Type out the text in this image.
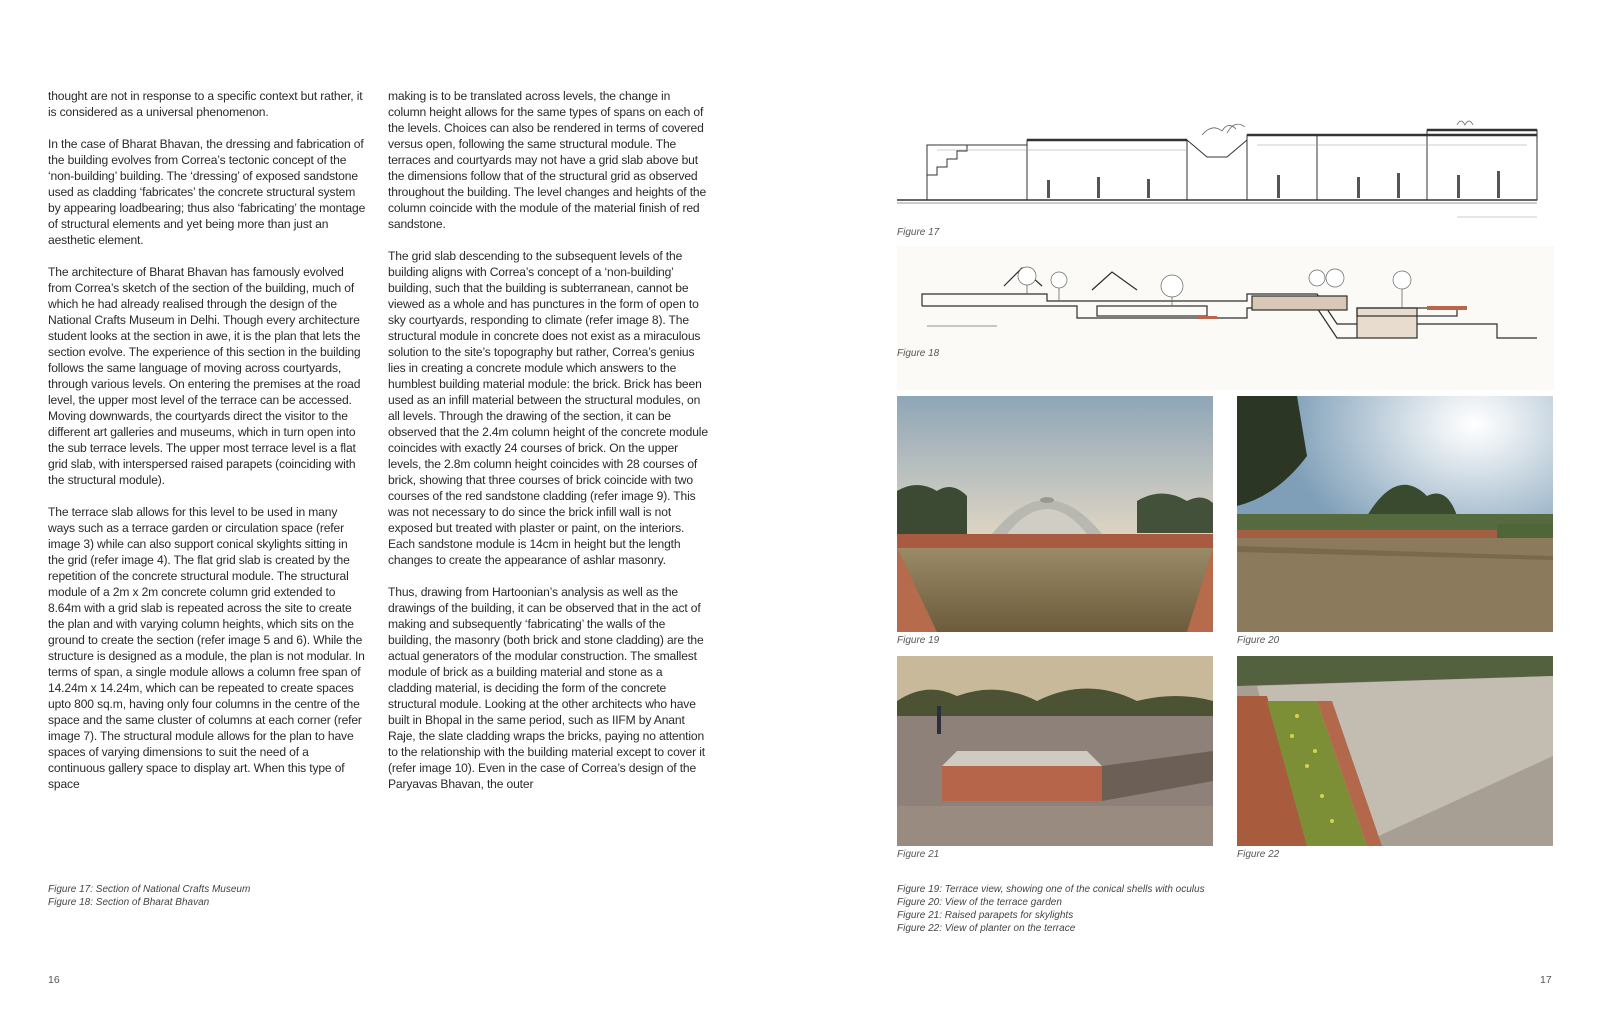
thought are not in response to a specific context but rather, it is considered as a universal phenomenon.

In the case of Bharat Bhavan, the dressing and fabrication of the building evolves from Correa’s tectonic concept of the ‘non-building’ building. The ‘dressing’ of exposed sandstone used as cladding ‘fabricates’ the concrete structural system by appearing loadbearing; thus also ‘fabricating’ the montage of structural elements and yet being more than just an aesthetic element.

The architecture of Bharat Bhavan has famously evolved from Correa’s sketch of the section of the building, much of which he had already realised through the design of the National Crafts Museum in Delhi. Though every architecture student looks at the section in awe, it is the plan that lets the section evolve. The experience of this section in the building follows the same language of moving across courtyards, through various levels. On entering the premises at the road level, the upper most level of the terrace can be accessed. Moving downwards, the courtyards direct the visitor to the different art galleries and museums, which in turn open into the sub terrace levels. The upper most terrace level is a flat grid slab, with interspersed raised parapets (coinciding with the structural module).

The terrace slab allows for this level to be used in many ways such as a terrace garden or circulation space (refer image 3) while can also support conical skylights sitting in the grid (refer image 4). The flat grid slab is created by the repetition of the concrete structural module. The structural module of a 2m x 2m concrete column grid extended to 8.64m with a grid slab is repeated across the site to create the plan and with varying column heights, which sits on the ground to create the section (refer image 5 and 6). While the structure is designed as a module, the plan is not modular. In terms of span, a single module allows a column free span of 14.24m x 14.24m, which can be repeated to create spaces upto 800 sq.m, having only four columns in the centre of the space and the same cluster of columns at each corner (refer image 7). The structural module allows for the plan to have spaces of varying dimensions to suit the need of a continuous gallery space to display art. When this type of space

making is to be translated across levels, the change in column height allows for the same types of spans on each of the levels. Choices can also be rendered in terms of covered versus open, following the same structural module. The terraces and courtyards may not have a grid slab above but the dimensions follow that of the structural grid as observed throughout the building. The level changes and heights of the column coincide with the module of the material finish of red sandstone.

The grid slab descending to the subsequent levels of the building aligns with Correa’s concept of a ‘non-building’ building, such that the building is subterranean, cannot be viewed as a whole and has punctures in the form of open to sky courtyards, responding to climate (refer image 8). The structural module in concrete does not exist as a miraculous solution to the site’s topography but rather, Correa’s genius lies in creating a concrete module which answers to the humblest building material module: the brick. Brick has been used as an infill material between the structural modules, on all levels. Through the drawing of the section, it can be observed that the 2.4m column height of the concrete module coincides with exactly 24 courses of brick. On the upper levels, the 2.8m column height coincides with 28 courses of brick, showing that three courses of brick coincide with two courses of the red sandstone cladding (refer image 9). This was not necessary to do since the brick infill wall is not exposed but treated with plaster or paint, on the interiors. Each sandstone module is 14cm in height but the length changes to create the appearance of ashlar masonry.

Thus, drawing from Hartoonian’s analysis as well as the drawings of the building, it can be observed that in the act of making and subsequently ‘fabricating’ the walls of the building, the masonry (both brick and stone cladding) are the actual generators of the modular construction. The smallest module of brick as a building material and stone as a cladding material, is deciding the form of the concrete structural module. Looking at the other architects who have built in Bhopal in the same period, such as IIFM by Anant Raje, the slate cladding wraps the bricks, paying no attention to the relationship with the building material except to cover it (refer image 10). Even in the case of Correa’s design of the Paryavas Bhavan, the outer

Figure 17: Section of National Crafts Museum
Figure 18: Section of Bharat Bhavan
16
Figure 17
Figure 18
Figure 19	Figure 20
Figure 21	Figure 22
Figure 19: Terrace view, showing one of the conical shells with oculus
Figure 20: View of the terrace garden
Figure 21: Raised parapets for skylights
Figure 22: View of planter on the terrace
17
